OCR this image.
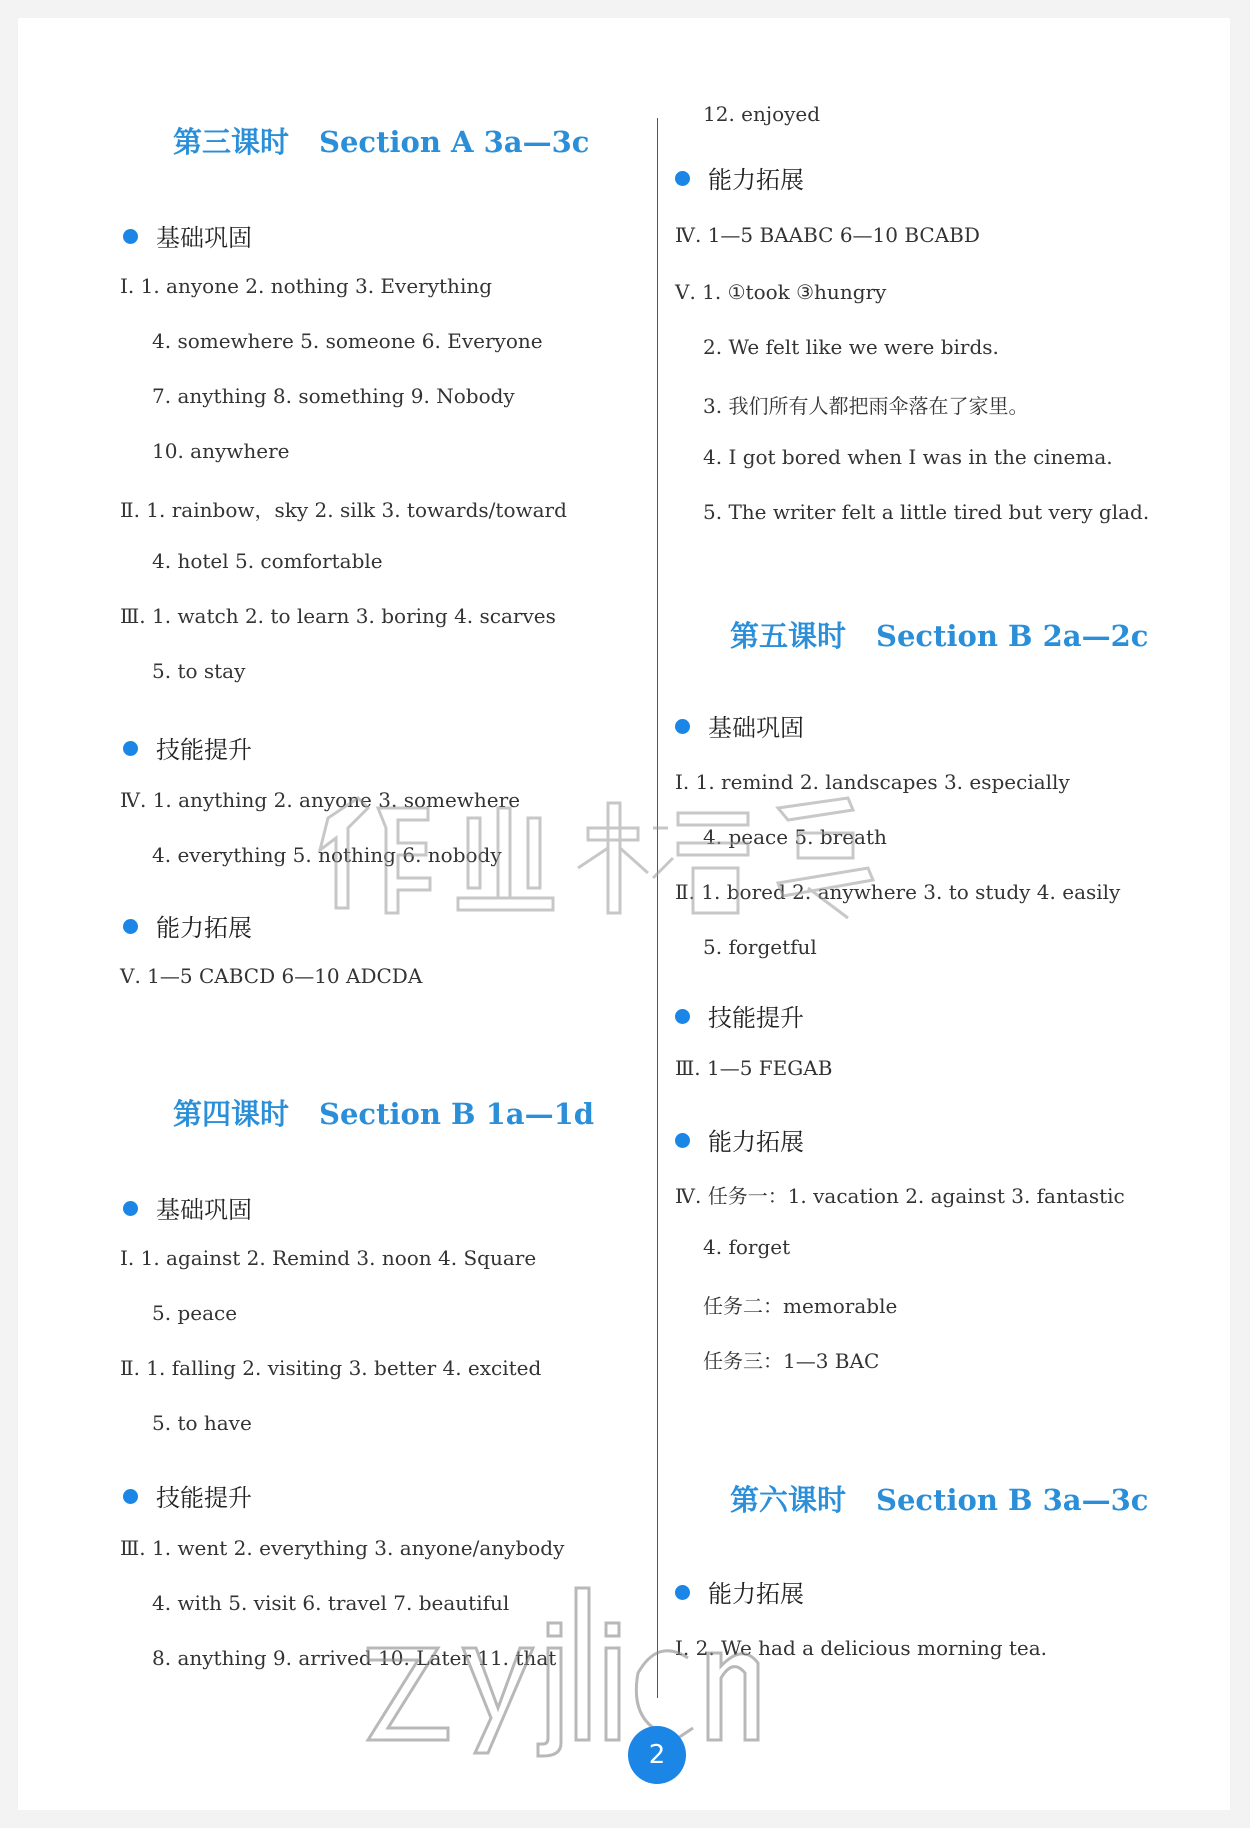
第三课时 Section A 3a—3c
基础巩固
Ⅰ. 1. anyone 2. nothing 3. Everything
4. somewhere 5. someone 6. Everyone
7. anything 8. something 9. Nobody
10. anywhere
Ⅱ. 1. rainbow，sky 2. silk 3. towards/toward
4. hotel 5. comfortable
Ⅲ. 1. watch 2. to learn 3. boring 4. scarves
5. to stay
技能提升
Ⅳ. 1. anything 2. anyone 3. somewhere
4. everything 5. nothing 6. nobody
能力拓展
Ⅴ. 1—5 CABCD 6—10 ADCDA
第四课时 Section B 1a—1d
基础巩固
Ⅰ. 1. against 2. Remind 3. noon 4. Square
5. peace
Ⅱ. 1. falling 2. visiting 3. better 4. excited
5. to have
技能提升
Ⅲ. 1. went 2. everything 3. anyone/anybody
4. with 5. visit 6. travel 7. beautiful
8. anything 9. arrived 10. Later 11. that
12. enjoyed
能力拓展
Ⅳ. 1—5 BAABC 6—10 BCABD
Ⅴ. 1. ①took ③hungry
2. We felt like we were birds.
3. 我们所有人都把雨伞落在了家里。
4. I got bored when I was in the cinema.
5. The writer felt a little tired but very glad.
第五课时 Section B 2a—2c
基础巩固
Ⅰ. 1. remind 2. landscapes 3. especially
4. peace 5. breath
Ⅱ. 1. bored 2. anywhere 3. to study 4. easily
5. forgetful
技能提升
Ⅲ. 1—5 FEGAB
能力拓展
Ⅳ. 任务一：1. vacation 2. against 3. fantastic
4. forget
任务二：memorable
任务三：1—3 BAC
第六课时 Section B 3a—3c
能力拓展
Ⅰ. 2. We had a delicious morning tea.
2
